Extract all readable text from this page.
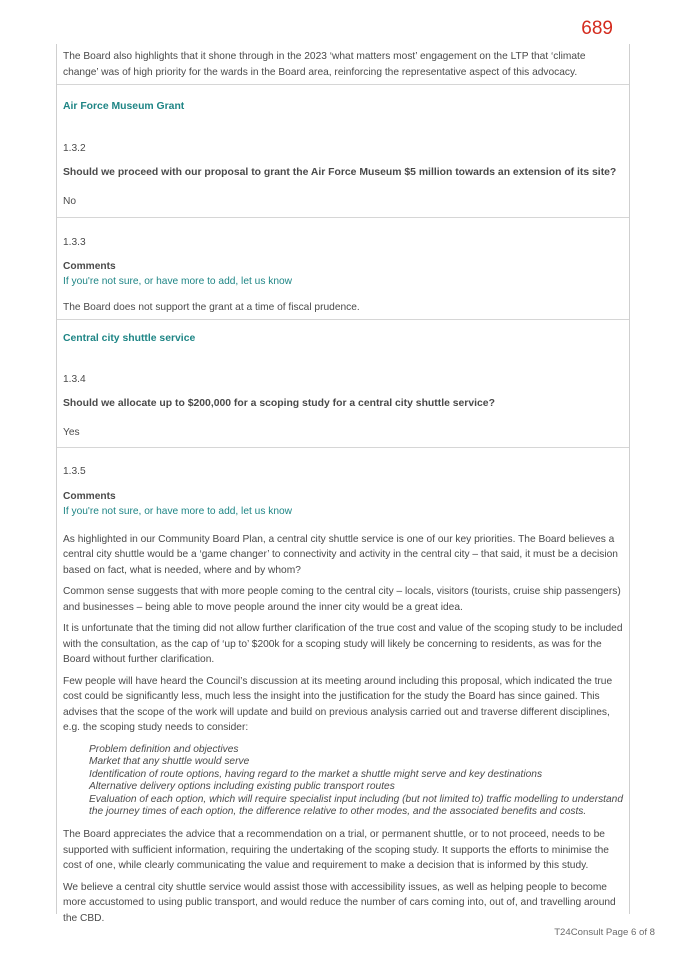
689

The Board also highlights that it shone through in the 2023 ‘what matters most’ engagement on the LTP that ‘climate change’ was of high priority for the wards in the Board area, reinforcing the representative aspect of this advocacy.

Air Force Museum Grant

1.3.2

Should we proceed with our proposal to grant the Air Force Museum $5 million towards an extension of its site?

No

1.3.3

Comments

If you're not sure, or have more to add, let us know

The Board does not support the grant at a time of fiscal prudence.

Central city shuttle service

1.3.4

Should we allocate up to $200,000 for a scoping study for a central city shuttle service?

Yes

1.3.5

Comments

If you're not sure, or have more to add, let us know

As highlighted in our Community Board Plan, a central city shuttle service is one of our key priorities. The Board believes a central city shuttle would be a ‘game changer’ to connectivity and activity in the central city – that said, it must be a decision based on fact, what is needed, where and by whom?

Common sense suggests that with more people coming to the central city – locals, visitors (tourists, cruise ship passengers) and businesses – being able to move people around the inner city would be a great idea.

It is unfortunate that the timing did not allow further clarification of the true cost and value of the scoping study to be included with the consultation, as the cap of ‘up to’ $200k for a scoping study will likely be concerning to residents, as was for the Board without further clarification.

Few people will have heard the Council’s discussion at its meeting around including this proposal, which indicated the true cost could be significantly less, much less the insight into the justification for the study the Board has since gained. This advises that the scope of the work will update and build on previous analysis carried out and traverse different disciplines, e.g. the scoping study needs to consider:

Problem definition and objectives

Market that any shuttle would serve

Identification of route options, having regard to the market a shuttle might serve and key destinations

Alternative delivery options including existing public transport routes

Evaluation of each option, which will require specialist input including (but not limited to) traffic modelling to understand the journey times of each option, the difference relative to other modes, and the associated benefits and costs.

The Board appreciates the advice that a recommendation on a trial, or permanent shuttle, or to not proceed, needs to be supported with sufficient information, requiring the undertaking of the scoping study. It supports the efforts to minimise the cost of one, while clearly communicating the value and requirement to make a decision that is informed by this study.

We believe a central city shuttle service would assist those with accessibility issues, as well as helping people to become more accustomed to using public transport, and would reduce the number of cars coming into, out of, and travelling around the CBD.

T24Consult Page 6 of 8
